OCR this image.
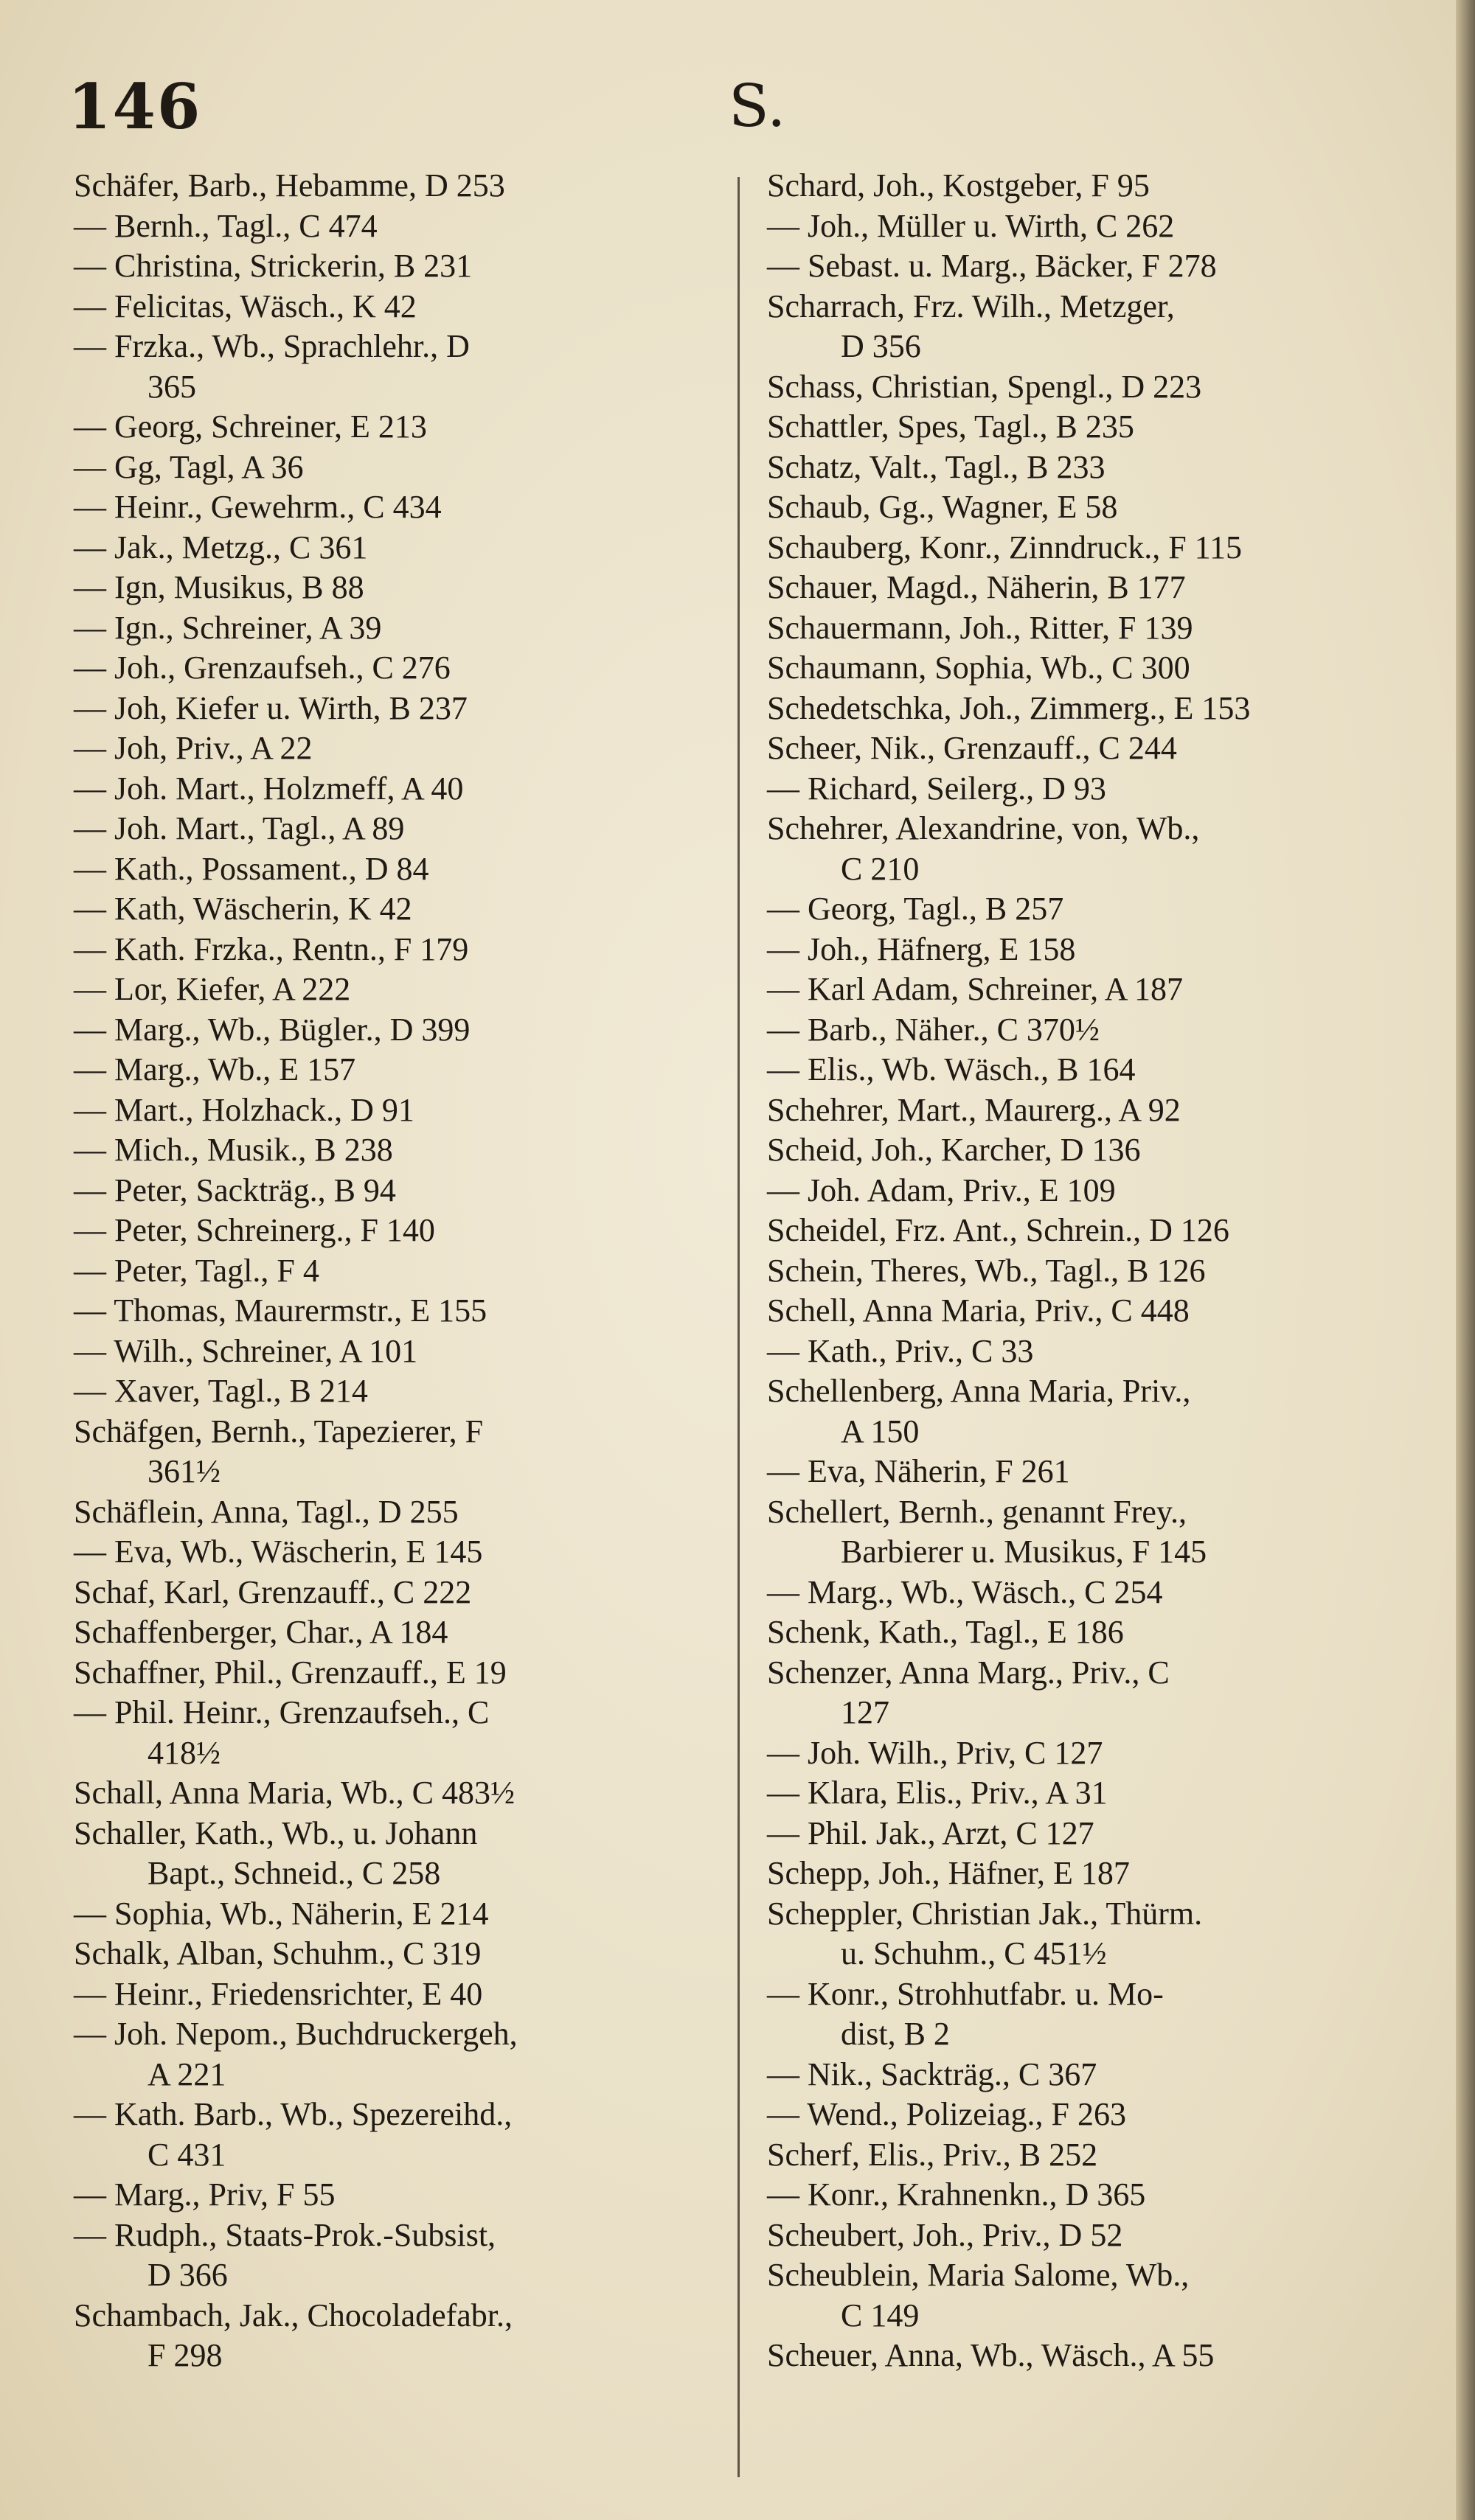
146	S.
Schäfer, Barb., Hebamme, D 253
— Bernh., Tagl., C 474
— Christina, Strickerin, B 231
— Felicitas, Wäsch., K 42
— Frzka., Wb., Sprachlehr., D
365
— Georg, Schreiner, E 213
— Gg, Tagl, A 36
— Heinr., Gewehrm., C 434
— Jak., Metzg., C 361
— Ign, Musikus, B 88
— Ign., Schreiner, A 39
— Joh., Grenzaufseh., C 276
— Joh, Kiefer u. Wirth, B 237
— Joh, Priv., A 22
— Joh. Mart., Holzmeff, A 40
— Joh. Mart., Tagl., A 89
— Kath., Possament., D 84
— Kath, Wäscherin, K 42
— Kath. Frzka., Rentn., F 179
— Lor, Kiefer, A 222
— Marg., Wb., Bügler., D 399
— Marg., Wb., E 157
— Mart., Holzhack., D 91
— Mich., Musik., B 238
— Peter, Sackträg., B 94
— Peter, Schreinerg., F 140
— Peter, Tagl., F 4
— Thomas, Maurermstr., E 155
— Wilh., Schreiner, A 101
— Xaver, Tagl., B 214
Schäfgen, Bernh., Tapezierer, F
361½
Schäflein, Anna, Tagl., D 255
— Eva, Wb., Wäscherin, E 145
Schaf, Karl, Grenzauff., C 222
Schaffenberger, Char., A 184
Schaffner, Phil., Grenzauff., E 19
— Phil. Heinr., Grenzaufseh., C
418½
Schall, Anna Maria, Wb., C 483½
Schaller, Kath., Wb., u. Johann
Bapt., Schneid., C 258
— Sophia, Wb., Näherin, E 214
Schalk, Alban, Schuhm., C 319
— Heinr., Friedensrichter, E 40
— Joh. Nepom., Buchdruckergeh,
A 221
— Kath. Barb., Wb., Spezereihd.,
C 431
— Marg., Priv, F 55
— Rudph., Staats-Prok.-Subsist,
D 366
Schambach, Jak., Chocoladefabr.,
F 298
Schard, Joh., Kostgeber, F 95
— Joh., Müller u. Wirth, C 262
— Sebast. u. Marg., Bäcker, F 278
Scharrach, Frz. Wilh., Metzger,
D 356
Schass, Christian, Spengl., D 223
Schattler, Spes, Tagl., B 235
Schatz, Valt., Tagl., B 233
Schaub, Gg., Wagner, E 58
Schauberg, Konr., Zinndruck., F 115
Schauer, Magd., Näherin, B 177
Schauermann, Joh., Ritter, F 139
Schaumann, Sophia, Wb., C 300
Schedetschka, Joh., Zimmerg., E 153
Scheer, Nik., Grenzauff., C 244
— Richard, Seilerg., D 93
Schehrer, Alexandrine, von, Wb.,
C 210
— Georg, Tagl., B 257
— Joh., Häfnerg, E 158
— Karl Adam, Schreiner, A 187
— Barb., Näher., C 370½
— Elis., Wb. Wäsch., B 164
Schehrer, Mart., Maurerg., A 92
Scheid, Joh., Karcher, D 136
— Joh. Adam, Priv., E 109
Scheidel, Frz. Ant., Schrein., D 126
Schein, Theres, Wb., Tagl., B 126
Schell, Anna Maria, Priv., C 448
— Kath., Priv., C 33
Schellenberg, Anna Maria, Priv.,
A 150
— Eva, Näherin, F 261
Schellert, Bernh., genannt Frey.,
Barbierer u. Musikus, F 145
— Marg., Wb., Wäsch., C 254
Schenk, Kath., Tagl., E 186
Schenzer, Anna Marg., Priv., C
127
— Joh. Wilh., Priv, C 127
— Klara, Elis., Priv., A 31
— Phil. Jak., Arzt, C 127
Schepp, Joh., Häfner, E 187
Scheppler, Christian Jak., Thürm.
u. Schuhm., C 451½
— Konr., Strohhutfabr. u. Mo-
dist, B 2
— Nik., Sackträg., C 367
— Wend., Polizeiag., F 263
Scherf, Elis., Priv., B 252
— Konr., Krahnenkn., D 365
Scheubert, Joh., Priv., D 52
Scheublein, Maria Salome, Wb.,
C 149
Scheuer, Anna, Wb., Wäsch., A 55
